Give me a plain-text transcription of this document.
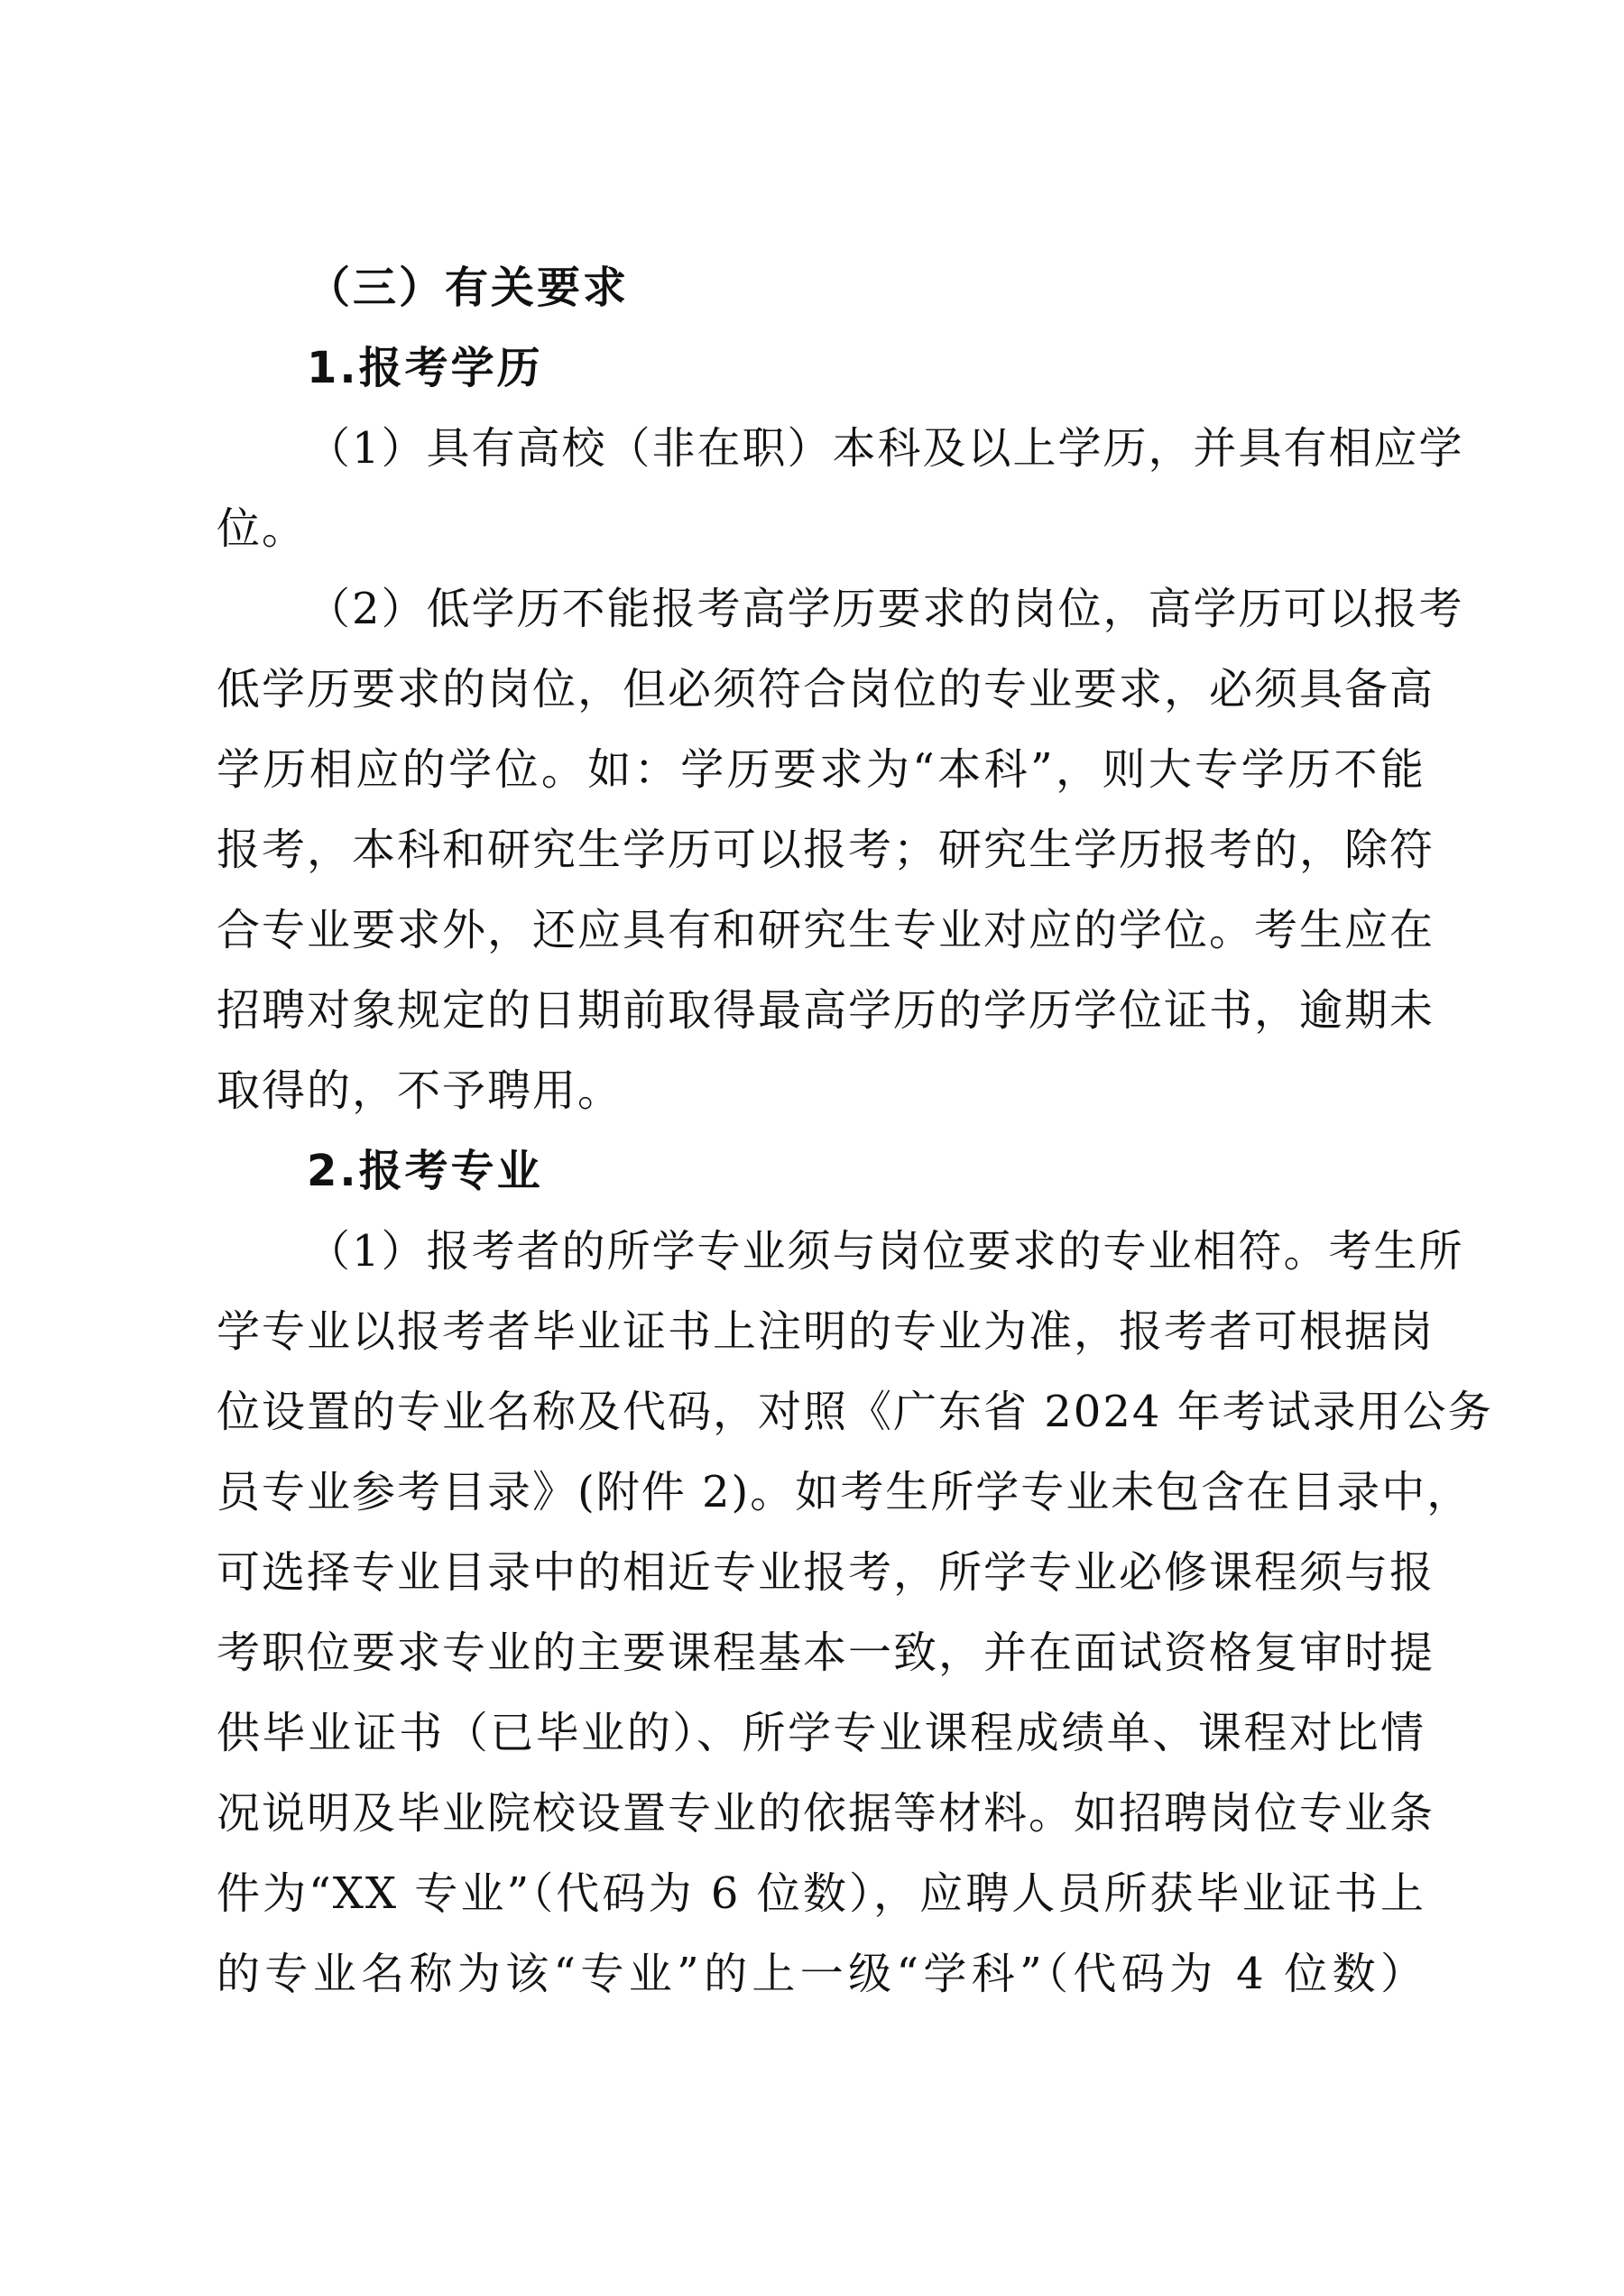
（三）有关要求
1.报考学历
（1）具有高校（非在职）本科及以上学历，并具有相应学
位。
（2）低学历不能报考高学历要求的岗位，高学历可以报考
低学历要求的岗位，但必须符合岗位的专业要求，必须具备高
学历相应的学位。如：学历要求为“本科”，则大专学历不能
报考，本科和研究生学历可以报考；研究生学历报考的，除符
合专业要求外，还应具有和研究生专业对应的学位。考生应在
招聘对象规定的日期前取得最高学历的学历学位证书，逾期未
取得的，不予聘用。
2.报考专业
（1）报考者的所学专业须与岗位要求的专业相符。考生所
学专业以报考者毕业证书上注明的专业为准，报考者可根据岗
位设置的专业名称及代码，对照《广东省 2024 年考试录用公务
员专业参考目录》(附件 2)。如考生所学专业未包含在目录中，
可选择专业目录中的相近专业报考，所学专业必修课程须与报
考职位要求专业的主要课程基本一致，并在面试资格复审时提
供毕业证书（已毕业的）、所学专业课程成绩单、课程对比情
况说明及毕业院校设置专业的依据等材料。如招聘岗位专业条
件为“XX 专业”（代码为 6 位数），应聘人员所获毕业证书上
的专业名称为该“专业”的上一级“学科”（代码为 4 位数）
